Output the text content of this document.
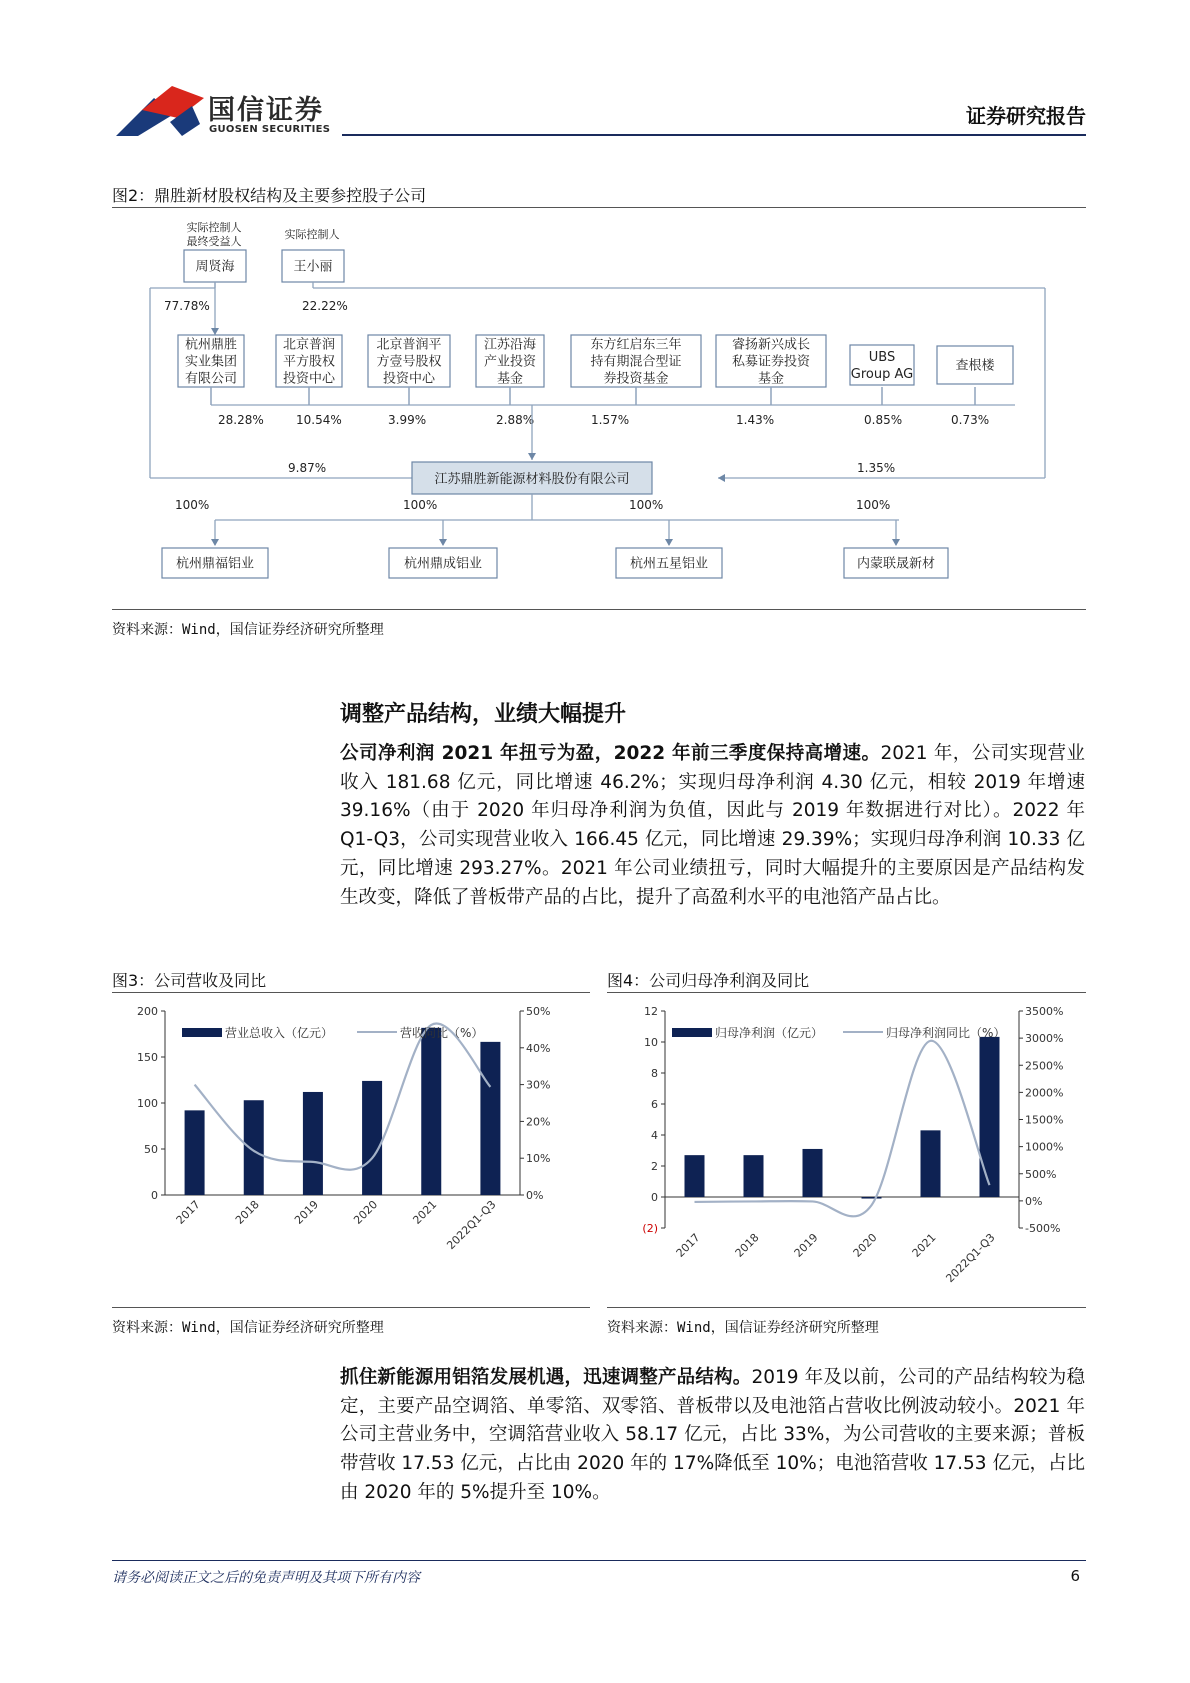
国信证券
GUOSEN SECURITIES
证券研究报告
图2：鼎胜新材股权结构及主要参控股子公司
实际控制人
最终受益人
实际控制人
周贤海	王小丽
77.78%	22.22%
9.87%	1.35%
杭州鼎胜
实业集团
有限公司
28.28%
北京普润
平方股权
投资中心
10.54%
北京普润平
方壹号股权
投资中心
3.99%
江苏沿海
产业投资
基金
2.88%
东方红启东三年
持有期混合型证
券投资基金
1.57%
睿扬新兴成长
私募证券投资
基金
1.43%
UBS
Group AG
0.85%
查根楼
0.73%
江苏鼎胜新能源材料股份有限公司
100%
杭州鼎福铝业
100%
杭州鼎成铝业
100%
杭州五星铝业
100%
内蒙联晟新材
资料来源：Wind，国信证券经济研究所整理
调整产品结构，业绩大幅提升
公司净利润 2021 年扭亏为盈，2022 年前三季度保持高增速。2021 年，公司实现营业收入 181.68 亿元，同比增速 46.2%；实现归母净利润 4.30 亿元，相较 2019 年增速 39.16%（由于 2020 年归母净利润为负值，因此与 2019 年数据进行对比）。2022 年 Q1-Q3，公司实现营业收入 166.45 亿元，同比增速 29.39%；实现归母净利润 10.33 亿元，同比增速 293.27%。2021 年公司业绩扭亏，同时大幅提升的主要原因是产品结构发生改变，降低了普板带产品的占比，提升了高盈利水平的电池箔产品占比。
图3：公司营收及同比	图4：公司归母净利润及同比
0
50
100
150
200
0%
10%
20%
30%
40%
50%
2017	2018	2019	2020	2021 2022Q1-Q3
营业总收入（亿元）	营收同比（%）
(2)
0
2
4
6
8
10
12
-500%
0%
500%
1000%
1500%
2000%
2500%
3000%
3500%
2017	2018	2019	2020	2021 2022Q1-Q3
归母净利润（亿元）	归母净利润同比（%）
资料来源：Wind，国信证券经济研究所整理	资料来源：Wind，国信证券经济研究所整理
抓住新能源用铝箔发展机遇，迅速调整产品结构。2019 年及以前，公司的产品结构较为稳定，主要产品空调箔、单零箔、双零箔、普板带以及电池箔占营收比例波动较小。2021 年公司主营业务中，空调箔营业收入 58.17 亿元，占比 33%，为公司营收的主要来源；普板带营收 17.53 亿元，占比由 2020 年的 17%降低至 10%；电池箔营收 17.53 亿元，占比由 2020 年的 5%提升至 10%。
请务必阅读正文之后的免责声明及其项下所有内容	6
